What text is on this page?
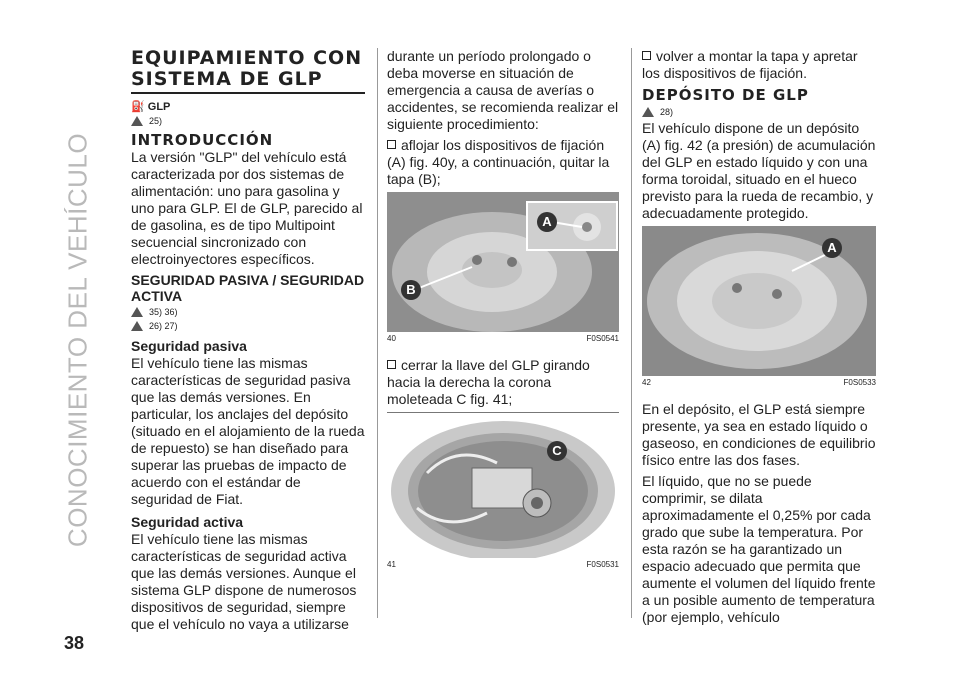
CONOCIMIENTO DEL VEHÍCULO
38
EQUIPAMIENTO CON SISTEMA DE GLP
⛽ GLP
25)
INTRODUCCIÓN

La versión "GLP" del vehículo está caracterizada por dos sistemas de alimentación: uno para gasolina y uno para GLP. El de GLP, parecido al de gasolina, es de tipo Multipoint secuencial sincronizado con electroinyectores específicos.

SEGURIDAD PASIVA / SEGURIDAD ACTIVA
35) 36)
26) 27)
Seguridad pasiva

El vehículo tiene las mismas características de seguridad pasiva que las demás versiones. En particular, los anclajes del depósito (situado en el alojamiento de la rueda de repuesto) se han diseñado para superar las pruebas de impacto de acuerdo con el estándar de seguridad de Fiat.

Seguridad activa

El vehículo tiene las mismas características de seguridad activa que las demás versiones. Aunque el sistema GLP dispone de numerosos dispositivos de seguridad, siempre que el vehículo no vaya a utilizarse

durante un período prolongado o deba moverse en situación de emergencia a causa de averías o accidentes, se recomienda realizar el siguiente procedimiento:

aflojar los dispositivos de fijación (A) fig. 40y, a continuación, quitar la tapa (B);

A
B
40	F0S0541

cerrar la llave del GLP girando hacia la derecha la corona moleteada C fig. 41;

C
41	F0S0531

volver a montar la tapa y apretar los dispositivos de fijación.

DEPÓSITO DE GLP
28)

El vehículo dispone de un depósito (A) fig. 42 (a presión) de acumulación del GLP en estado líquido y con una forma toroidal, situado en el hueco previsto para la rueda de recambio, y adecuadamente protegido.

A
42	F0S0533

En el depósito, el GLP está siempre presente, ya sea en estado líquido o gaseoso, en condiciones de equilibrio físico entre las dos fases.

El líquido, que no se puede comprimir, se dilata aproximadamente el 0,25% por cada grado que sube la temperatura. Por esta razón se ha garantizado un espacio adecuado que permita que aumente el volumen del líquido frente a un posible aumento de temperatura (por ejemplo, vehículo
